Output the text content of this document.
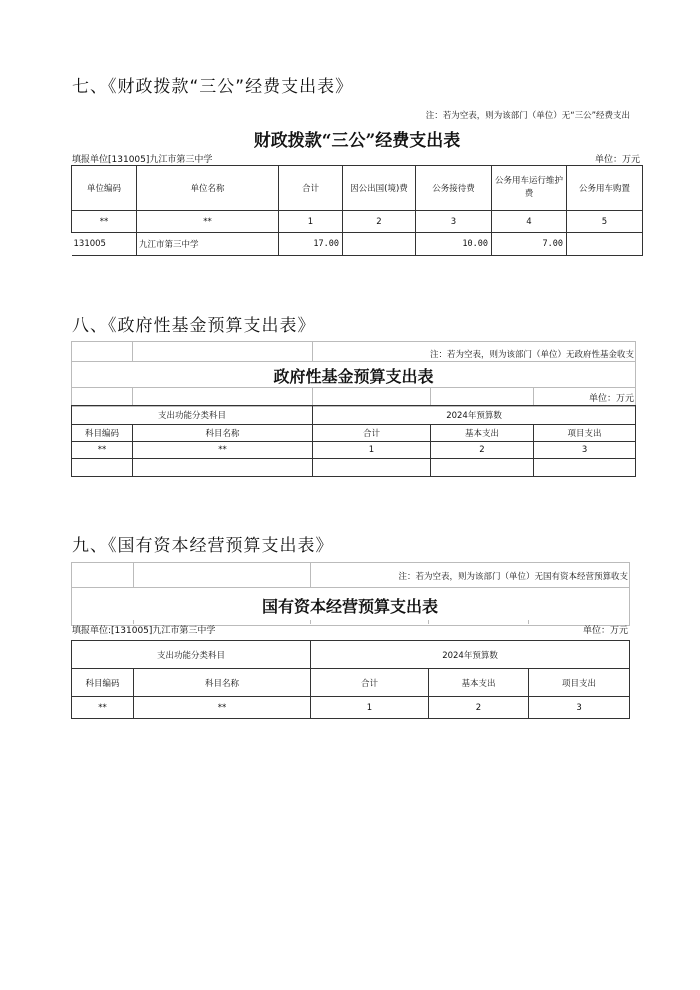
七、《财政拨款“三公”经费支出表》
注：若为空表，则为该部门（单位）无“三公”经费支出
财政拨款“三公”经费支出表
填报单位[131005]九江市第三中学	单位：万元
单位编码	单位名称	合计	因公出国(境)费	公务接待费	公务用车运行维护费	公务用车购置
**	**	1	2	3	4	5
131005	九江市第三中学	17.00		10.00	7.00	
八、《政府性基金预算支出表》
注：若为空表，则为该部门（单位）无政府性基金收支
政府性基金预算支出表
单位：万元
支出功能分类科目		2024年预算数		
科目编码	科目名称	合计	基本支出	项目支出
**	**	1	2	3

九、《国有资本经营预算支出表》
注：若为空表，则为该部门（单位）无国有资本经营预算收支
国有资本经营预算支出表
填报单位:[131005]九江市第三中学	单位：万元
支出功能分类科目		2024年预算数		
科目编码	科目名称	合计	基本支出	项目支出
**	**	1	2	3
